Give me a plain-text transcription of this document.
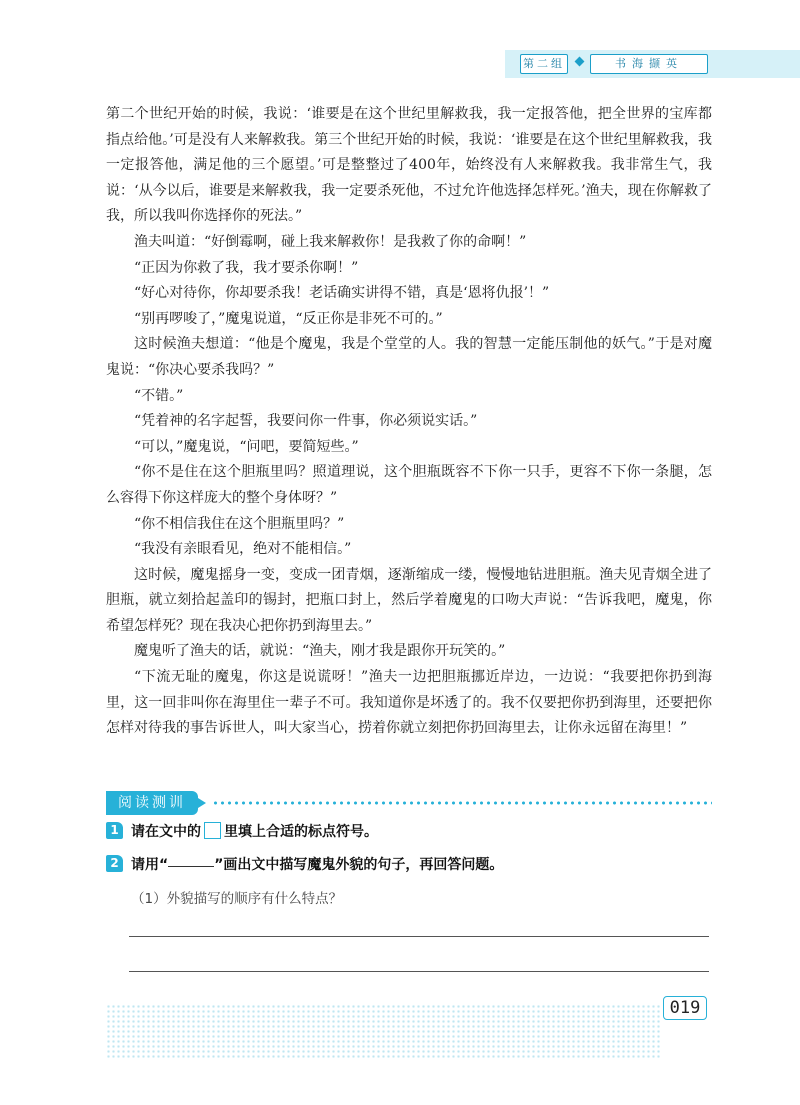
第二组	书海撷英

第二个世纪开始的时候，我说：‘谁要是在这个世纪里解救我，我一定报答他，把全世界的宝库都指点给他。’可是没有人来解救我。第三个世纪开始的时候，我说：‘谁要是在这个世纪里解救我，我一定报答他，满足他的三个愿望。’可是整整过了400年，始终没有人来解救我。我非常生气，我说：‘从今以后，谁要是来解救我，我一定要杀死他，不过允许他选择怎样死。’渔夫，现在你解救了我，所以我叫你选择你的死法。”

渔夫叫道：“好倒霉啊，碰上我来解救你！是我救了你的命啊！”

“正因为你救了我，我才要杀你啊！”

“好心对待你，你却要杀我！老话确实讲得不错，真是‘恩将仇报’！”

“别再啰唆了，”魔鬼说道，“反正你是非死不可的。”

这时候渔夫想道：“他是个魔鬼，我是个堂堂的人。我的智慧一定能压制他的妖气。”于是对魔鬼说：“你决心要杀我吗？”

“不错。”

“凭着神的名字起誓，我要问你一件事，你必须说实话。”

“可以，”魔鬼说，“问吧，要简短些。”

“你不是住在这个胆瓶里吗？照道理说，这个胆瓶既容不下你一只手，更容不下你一条腿，怎么容得下你这样庞大的整个身体呀？”

“你不相信我住在这个胆瓶里吗？”

“我没有亲眼看见，绝对不能相信。”

这时候，魔鬼摇身一变，变成一团青烟，逐渐缩成一缕，慢慢地钻进胆瓶。渔夫见青烟全进了胆瓶，就立刻拾起盖印的锡封，把瓶口封上，然后学着魔鬼的口吻大声说：“告诉我吧，魔鬼，你希望怎样死？现在我决心把你扔到海里去。”

魔鬼听了渔夫的话，就说：“渔夫，刚才我是跟你开玩笑的。”

“下流无耻的魔鬼，你这是说谎呀！”渔夫一边把胆瓶挪近岸边，一边说：“我要把你扔到海里，这一回非叫你在海里住一辈子不可。我知道你是坏透了的。我不仅要把你扔到海里，还要把你怎样对待我的事告诉世人，叫大家当心，捞着你就立刻把你扔回海里去，让你永远留在海里！”

阅读测训
1 请在文中的 里填上合适的标点符号。
2 请用“	”画出文中描写魔鬼外貌的句子，再回答问题。
（1）外貌描写的顺序有什么特点？
019
